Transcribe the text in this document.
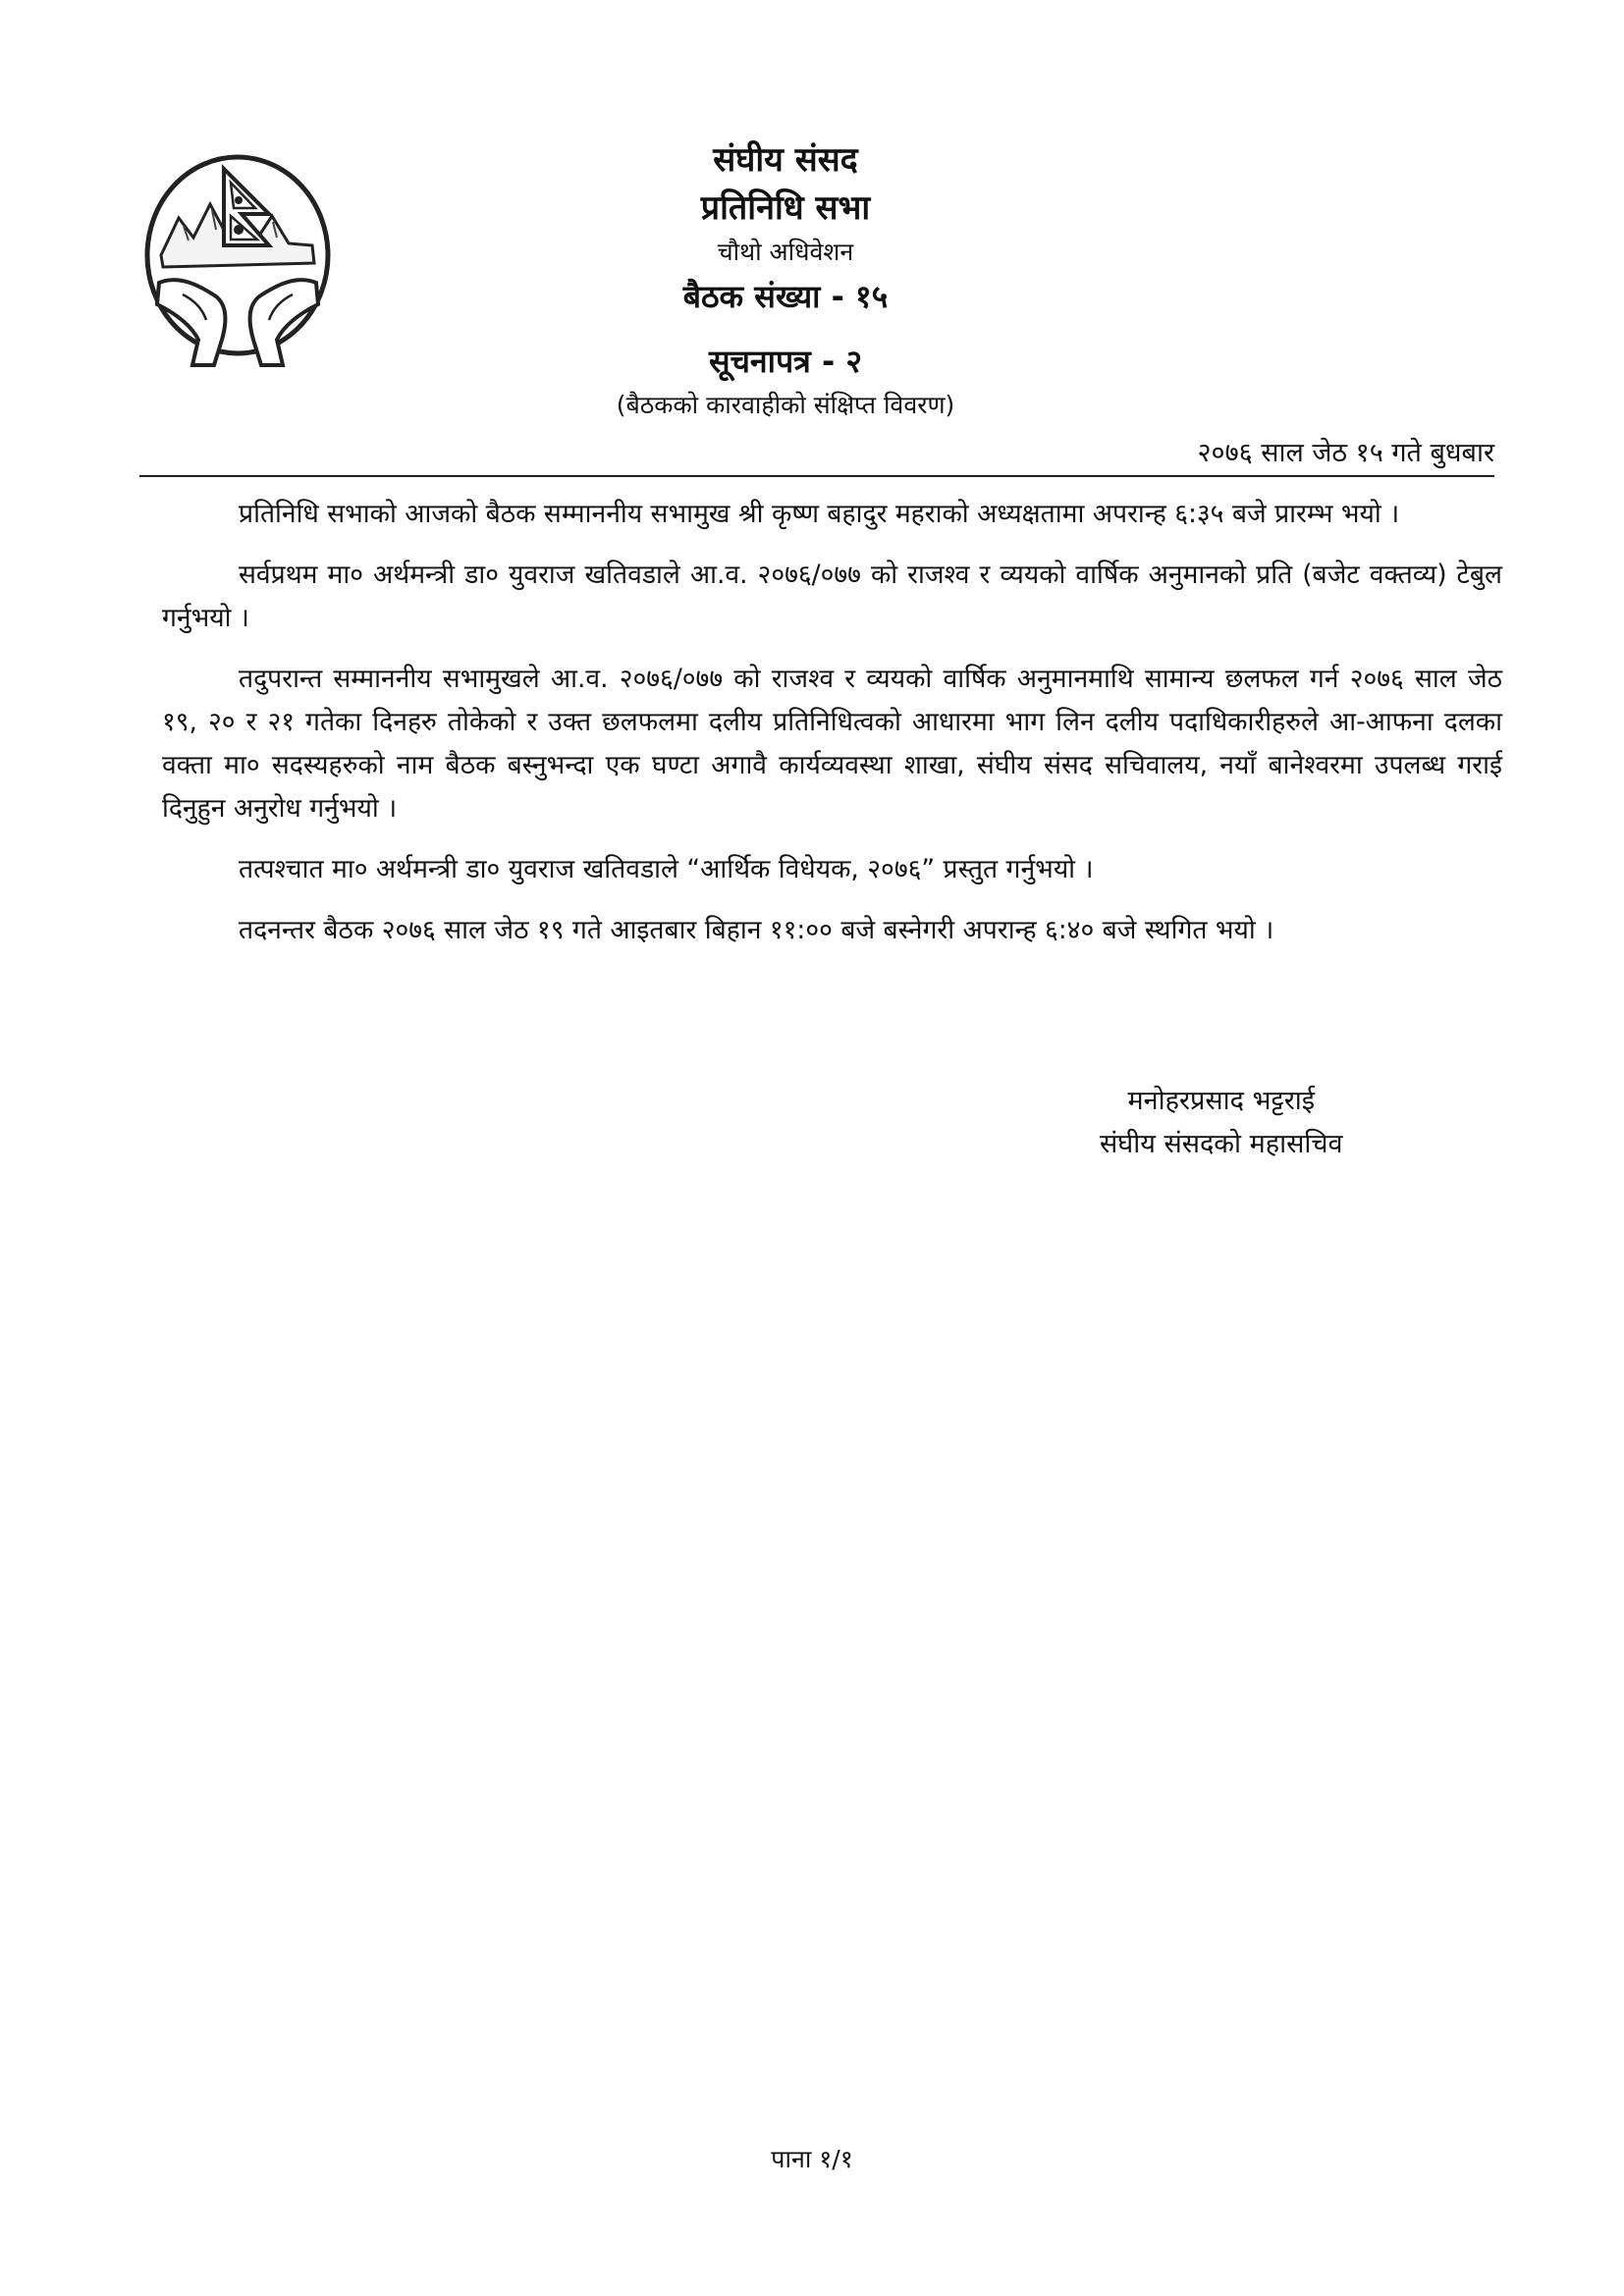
संघीय संसद
प्रतिनिधि सभा
चौथो अधिवेशन
बैठक संख्या - १५
सूचनापत्र - २
(बैठकको कारवाहीको संक्षिप्त विवरण)
२०७६ साल जेठ १५ गते बुधबार

प्रतिनिधि सभाको आजको बैठक सम्माननीय सभामुख श्री कृष्ण बहादुर महराको अध्यक्षतामा अपरान्ह ६:३५ बजे प्रारम्भ भयो ।

सर्वप्रथम मा० अर्थमन्त्री डा० युवराज खतिवडाले आ.व. २०७६/०७७ को राजश्व र व्ययको वार्षिक अनुमानको प्रति (बजेट वक्तव्य) टेबुल गर्नुभयो ।

तदुपरान्त सम्माननीय सभामुखले आ.व. २०७६/०७७ को राजश्व र व्ययको वार्षिक अनुमानमाथि सामान्य छलफल गर्न २०७६ साल जेठ १९, २० र २१ गतेका दिनहरु तोकेको र उक्त छलफलमा दलीय प्रतिनिधित्वको आधारमा भाग लिन दलीय पदाधिकारीहरुले आ-आफना दलका वक्ता मा० सदस्यहरुको नाम बैठक बस्नुभन्दा एक घण्टा अगावै कार्यव्यवस्था शाखा, संघीय संसद सचिवालय, नयाँ बानेश्वरमा उपलब्ध गराई दिनुहुन अनुरोध गर्नुभयो ।

तत्पश्चात मा० अर्थमन्त्री डा० युवराज खतिवडाले “आर्थिक विधेयक, २०७६” प्रस्तुत गर्नुभयो ।

तदनन्तर बैठक २०७६ साल जेठ १९ गते आइतबार बिहान ११:०० बजे बस्नेगरी अपरान्ह ६:४० बजे स्थगित भयो ।

मनोहरप्रसाद भट्टराई
संघीय संसदको महासचिव
पाना १/१
